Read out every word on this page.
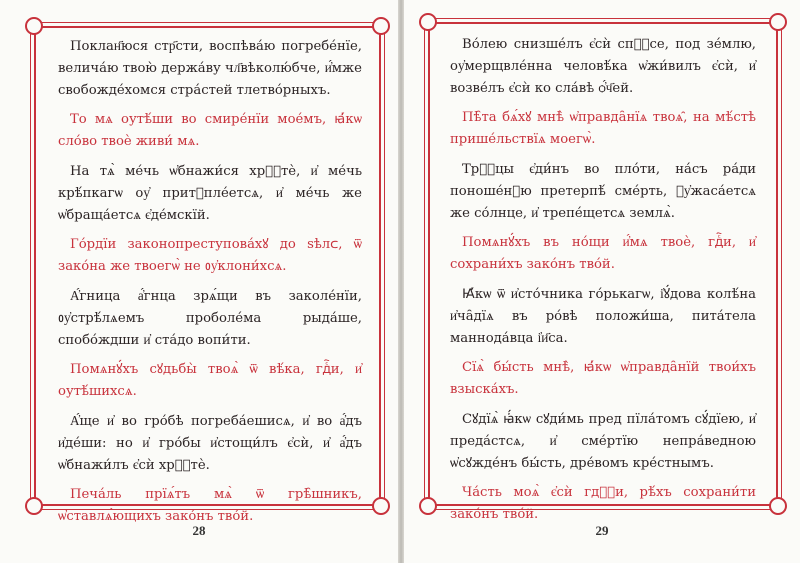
Поклан҃юся стр҃сти, воспѣва́ю погребе́нїе, велича́ю твою̀ держа́ву чл҃вѣколю́бче, и҆́мже свобожде́хомся стра́стей тлетво́рныхъ.

То мѧ оутѣ́ши во смире́нїи мое́мъ, ꙗ҆́кѡ сло́во твоѐ живи́ мѧ.

На тѧ̀ ме́чь ѡ҆бнажи́ся хрⷭ҇тѐ, и҆ ме́чь крѣ́пкагѡ оу҆ притꙋпле́етсѧ, и҆ ме́чь же ѡ҆браща́етсѧ є҆де́мскїй.

Го́рдїи законопреступова́хꙋ до ѕѣлᲃ, ѿ зако́на же твоегѡ̀ не ᲂу҆клони́хсѧ.

А҆́гница а҆́гнца зрѧ́щи въ заколе́нїи, ᲂу҆стрѣ́лѧемъ проболе́ма рыда́ше, спобо́ждши и҆ ста́до вопи́ти.

Помѧнꙋ́хъ сꙋдьбы̀ твоѧ̀ ѿ вѣ́ка, гдⷭ҇и, и҆ оутѣ́шихсѧ.

А҆́ще и҆ во гро́бѣ погреба́ешисѧ, и҆ во а҆́дъ и҆де́ши: но и҆ гро́бы и҆стощи́лъ є҆сѝ, и҆ а҆́дъ ѡ҆бнажи́лъ є҆сѝ хрⷭ҇тѐ.

Печа́ль прїѧ́тъ мѧ̀ ѿ грѣ̑шникъ, ѡ҆ставлѧ́ющихъ зако́нъ тво́й.

28

Во́лею снизше́лъ є҆сѝ спⷭ҇се, под зе́млю, оу҆мерщвле́нна человѣ́ка ѡ҆жи́вилъ є҆сѝ, и҆ возве́лъ є҆сѝ ко сла́вѣ ѻ҆́ч҃ей.

Пѣ̑та бѧ́хꙋ мнѣ̀ ѡ҆правда̑нїѧ твоѧ̑, на мѣ́стѣ прише́льствїѧ моегѡ̀.

Трⷪ҇цы є҆ди́нъ во пло́ти, на́съ ра́ди поноше́нꙋю претерпѣ́ сме́рть, ᲂу҆жаса́етсѧ же со́лнце, и҆ трепе́щетсѧ землѧ̀.

Помѧнꙋ́хъ въ но́щи и҆́мѧ твоѐ, гдⷭ҇и, и҆ сохрани́хъ зако́нъ тво́й.

Ꙗ҆́кѡ ѿ и҆сто́чника го́рькагѡ, і҆ꙋ́дова колѣ́на и҆ча̑дїѧ въ ро́вѣ положи́ша, пита́тела маннода́вца і҆и҃са.

Сїѧ̀ бы́сть мнѣ̀, ꙗ҆́кѡ ѡ҆правда̑нїй твои́хъ взыска́хъ.

Сꙋдїѧ̀ ꙗ҆́кѡ сꙋди́мь пред пїла́томъ сꙋ́дїею, и҆ преда́стсѧ, и҆ сме́ртїю непра́ведною ѡ҆сꙋжде́нъ бы́сть, дре́вомъ кре́стнымъ.

Ча́сть моѧ̀ є҆сѝ гдⷭ҇и, рѣ́хъ сохрани́ти зако́нъ тво́й.

29
